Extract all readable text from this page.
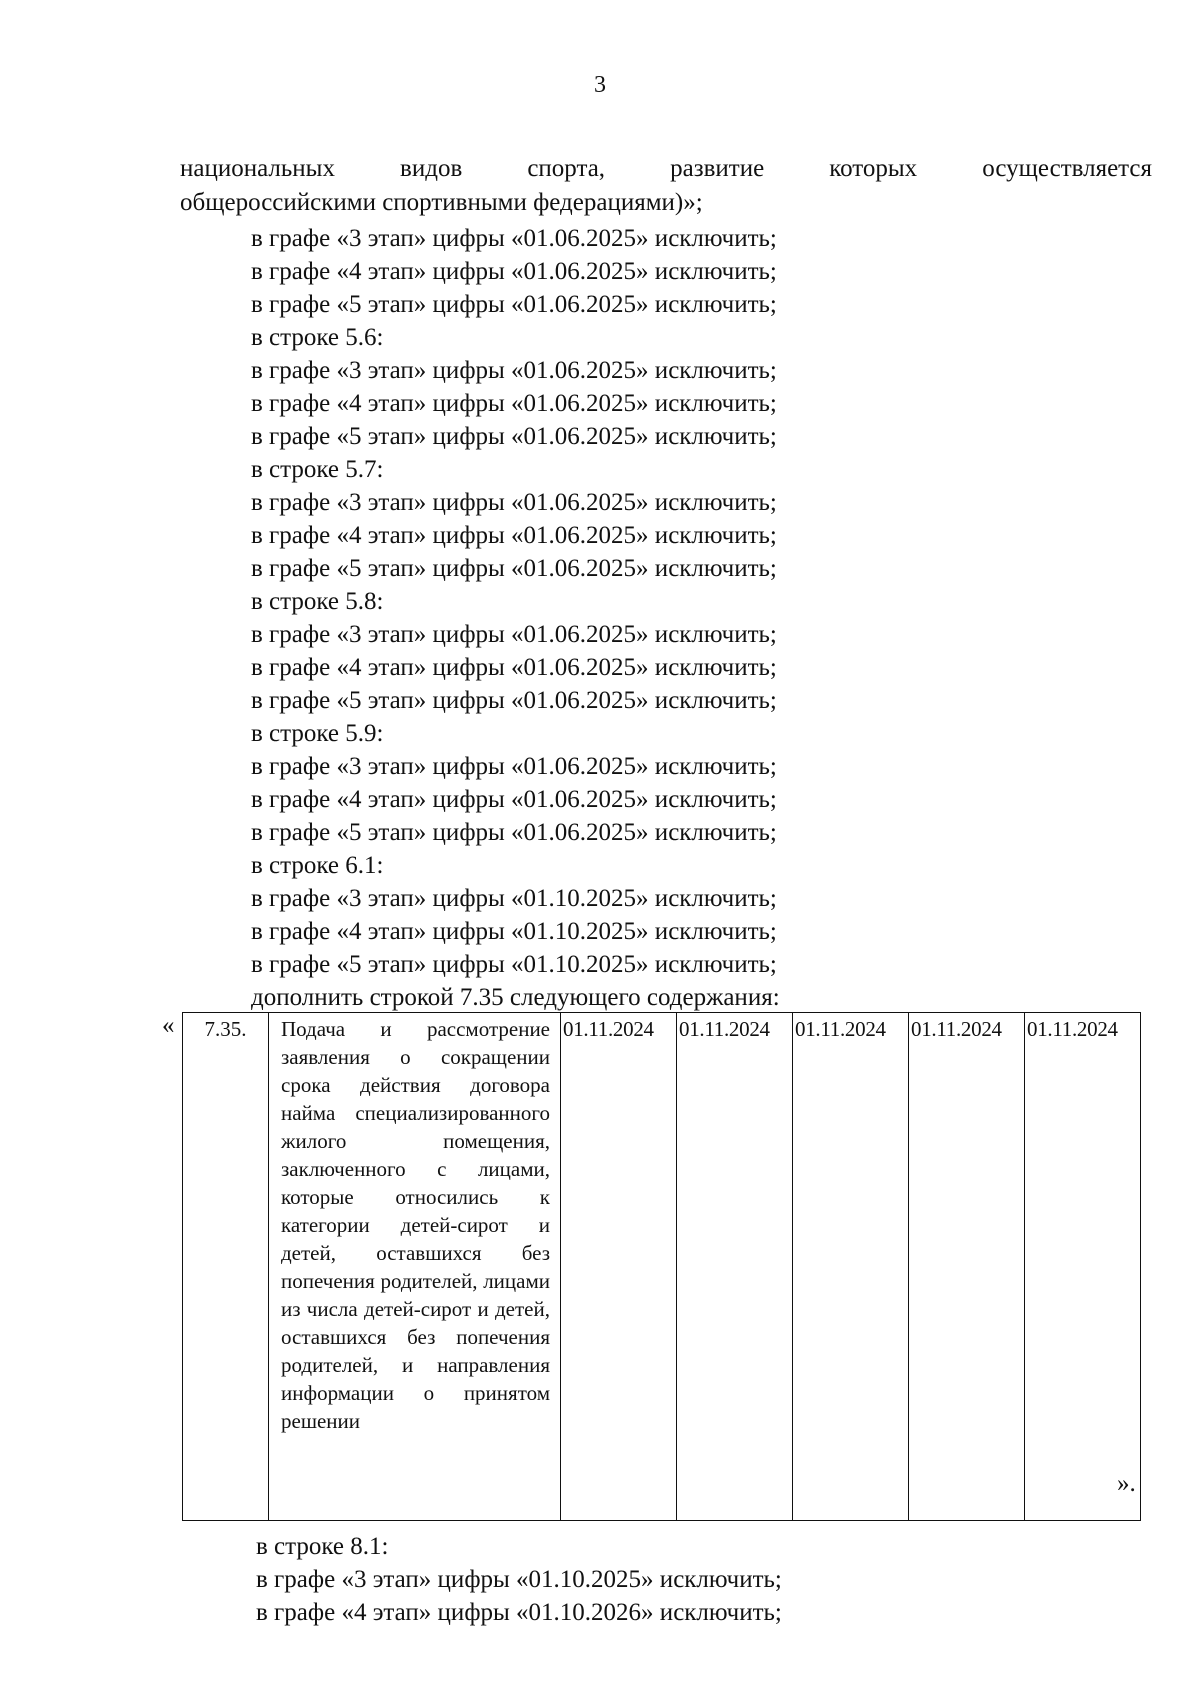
3
национальных видов спорта, развитие которых осуществляется
общероссийскими спортивными федерациями)»;
в графе «3 этап» цифры «01.06.2025» исключить;
в графе «4 этап» цифры «01.06.2025» исключить;
в графе «5 этап» цифры «01.06.2025» исключить;
в строке 5.6:
в графе «3 этап» цифры «01.06.2025» исключить;
в графе «4 этап» цифры «01.06.2025» исключить;
в графе «5 этап» цифры «01.06.2025» исключить;
в строке 5.7:
в графе «3 этап» цифры «01.06.2025» исключить;
в графе «4 этап» цифры «01.06.2025» исключить;
в графе «5 этап» цифры «01.06.2025» исключить;
в строке 5.8:
в графе «3 этап» цифры «01.06.2025» исключить;
в графе «4 этап» цифры «01.06.2025» исключить;
в графе «5 этап» цифры «01.06.2025» исключить;
в строке 5.9:
в графе «3 этап» цифры «01.06.2025» исключить;
в графе «4 этап» цифры «01.06.2025» исключить;
в графе «5 этап» цифры «01.06.2025» исключить;
в строке 6.1:
в графе «3 этап» цифры «01.10.2025» исключить;
в графе «4 этап» цифры «01.10.2025» исключить;
в графе «5 этап» цифры «01.10.2025» исключить;
дополнить строкой 7.35 следующего содержания:
« 7.35.	Подача и рассмотрение заявления о сокращении срока действия договора найма специализированного жилого помещения, заключенного с лицами, которые относились к категории детей-сирот и детей, оставшихся без попечения родителей, лицами из числа детей-сирот и детей, оставшихся без попечения родителей, и направления информации о принятом решении	01.11.2024	01.11.2024	01.11.2024	01.11.2024	01.11.2024
».
в строке 8.1:
в графе «3 этап» цифры «01.10.2025» исключить;
в графе «4 этап» цифры «01.10.2026» исключить;
